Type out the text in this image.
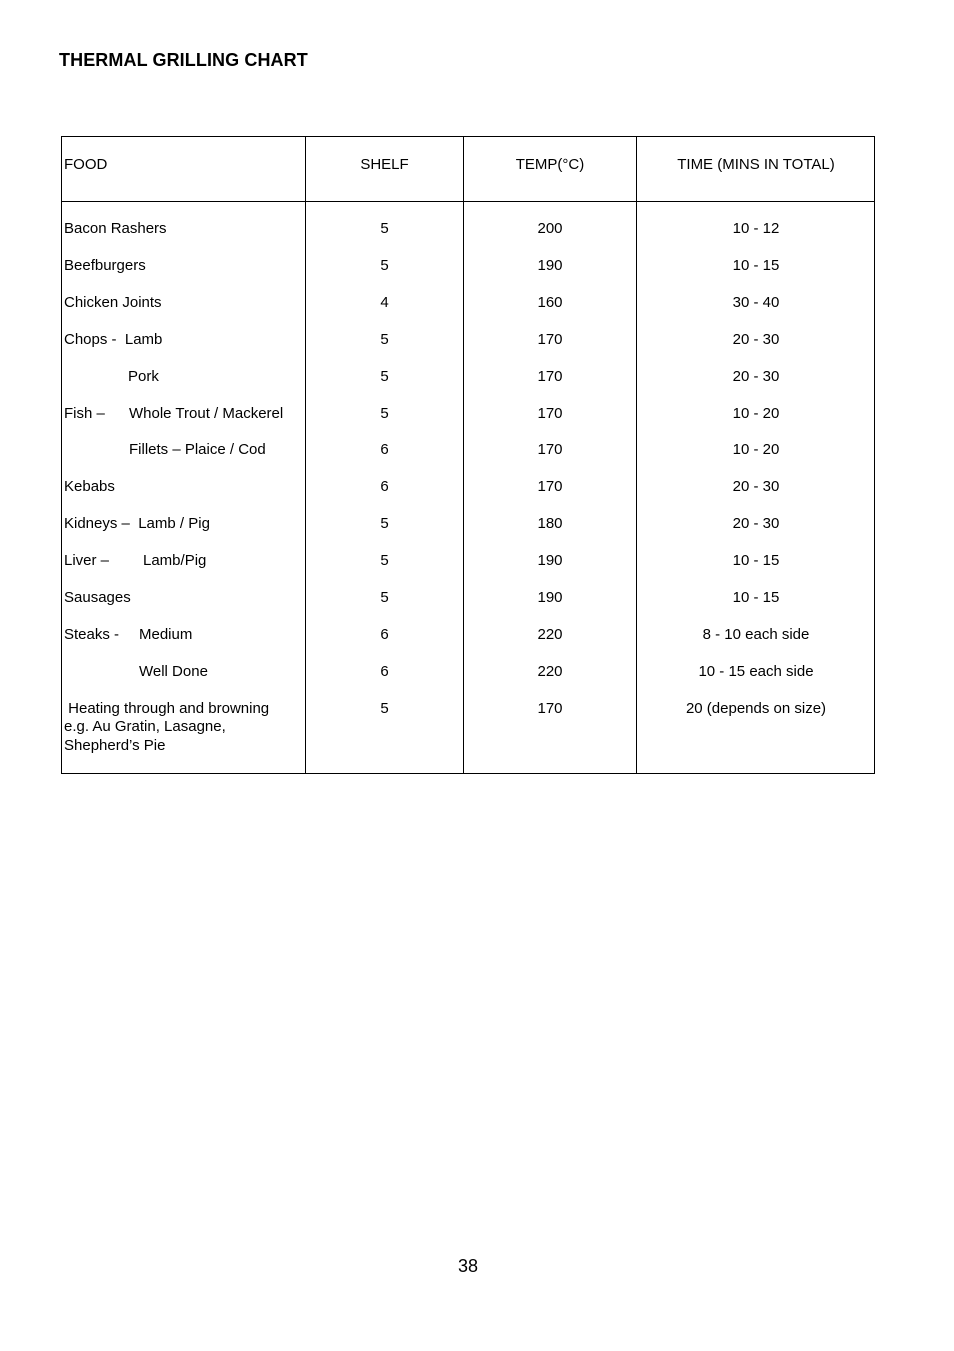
THERMAL GRILLING CHART
FOOD	SHELF	TEMP(°C)	TIME (MINS IN TOTAL)
Bacon Rashers	5	200	10 - 12
Beefburgers	5	190	10 - 15
Chicken Joints	4	160	30 - 40
Chops -  Lamb	5	170	20 - 30
Pork	5	170	20 - 30
Fish – Whole Trout / Mackerel	5	170	10 - 20
Fillets – Plaice / Cod	6	170	10 - 20
Kebabs	6	170	20 - 30
Kidneys –  Lamb / Pig	5	180	20 - 30
Liver – Lamb/Pig	5	190	10 - 15
Sausages	5	190	10 - 15
Steaks - Medium	6	220	8 - 10 each side
Well Done	6	220	10 - 15 each side
Heating through and browning
e.g. Au Gratin, Lasagne,
Shepherd’s Pie
5	170	20 (depends on size)
38
